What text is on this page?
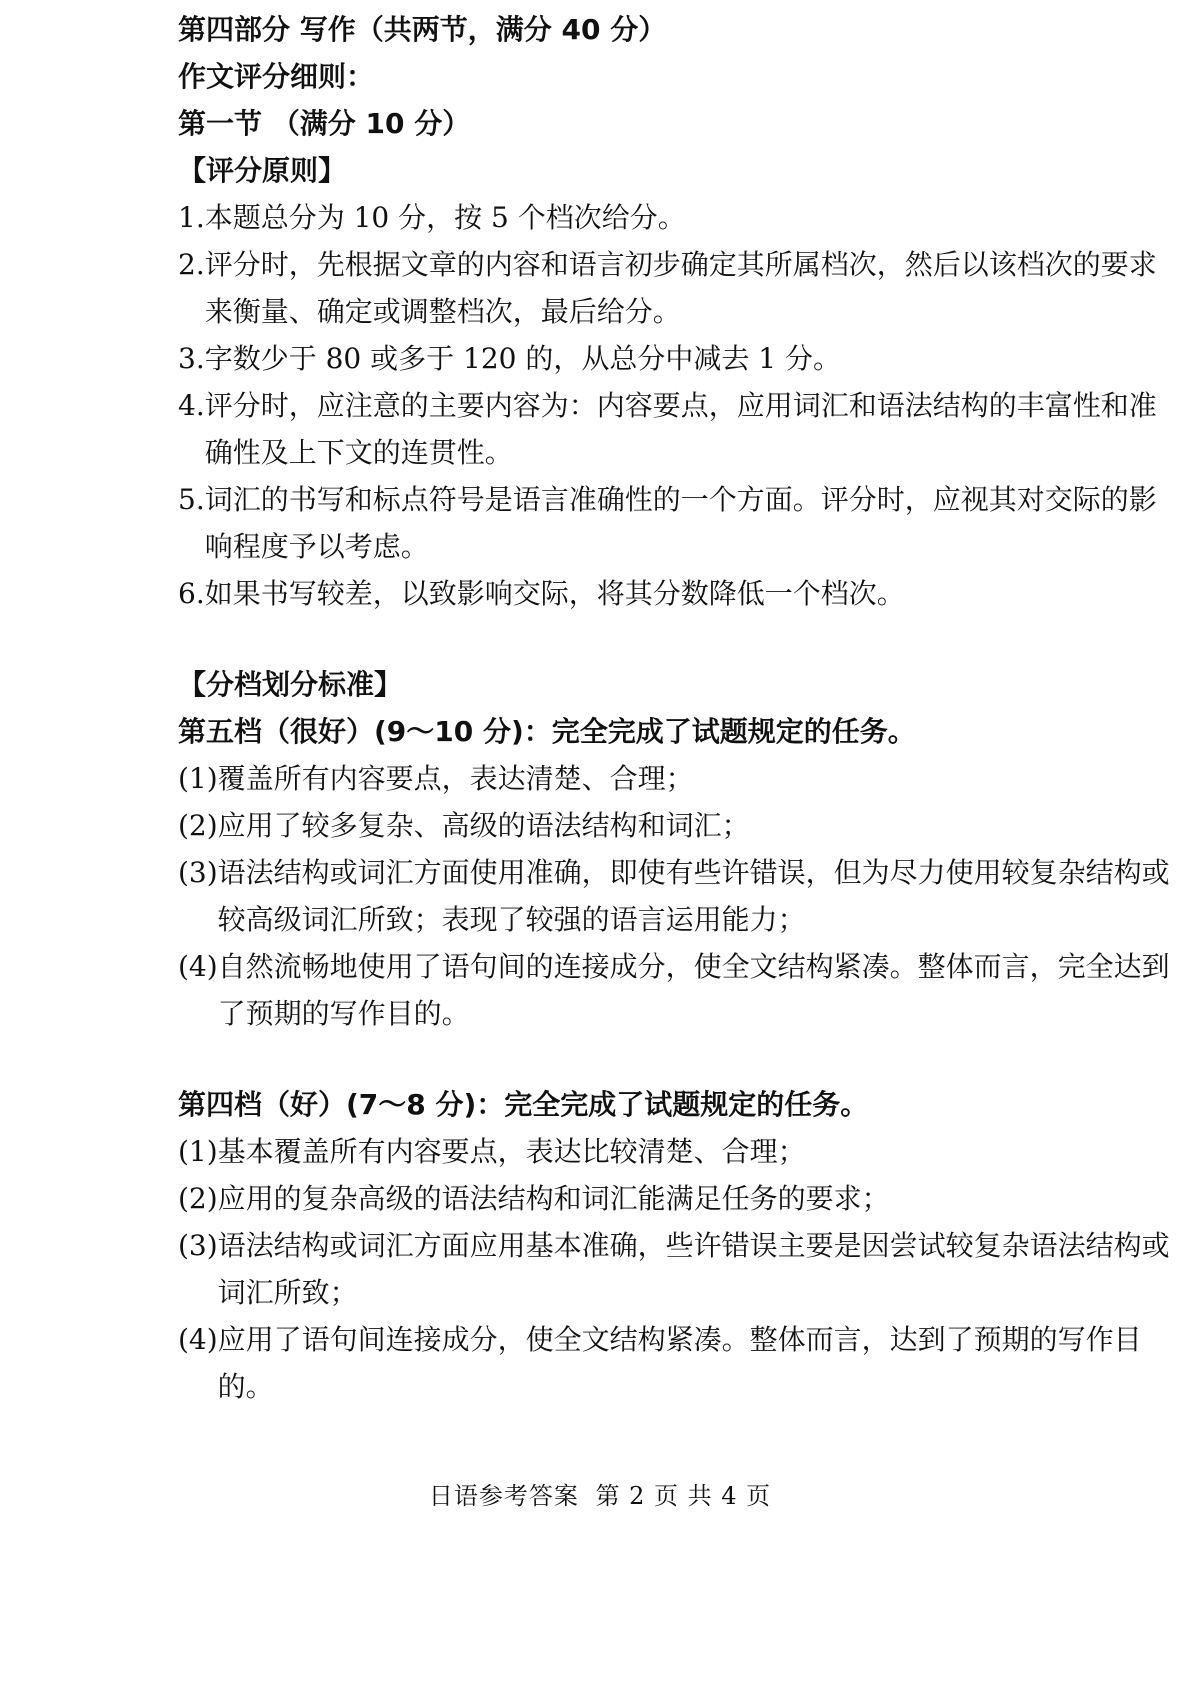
第四部分 写作（共两节，满分 40 分）
作文评分细则：
第一节 （满分 10 分）
【评分原则】
1. 本题总分为 10 分，按 5 个档次给分。
2. 评分时，先根据文章的内容和语言初步确定其所属档次，然后以该档次的要求来衡量、确定或调整档次，最后给分。
3. 字数少于 80 或多于 120 的，从总分中减去 1 分。
4. 评分时，应注意的主要内容为：内容要点，应用词汇和语法结构的丰富性和准确性及上下文的连贯性。
5. 词汇的书写和标点符号是语言准确性的一个方面。评分时，应视其对交际的影响程度予以考虑。
6. 如果书写较差，以致影响交际，将其分数降低一个档次。
【分档划分标准】
第五档（很好）(9～10 分)：完全完成了试题规定的任务。
(1) 覆盖所有内容要点，表达清楚、合理；
(2) 应用了较多复杂、高级的语法结构和词汇；
(3) 语法结构或词汇方面使用准确，即使有些许错误，但为尽力使用较复杂结构或较高级词汇所致；表现了较强的语言运用能力；
(4) 自然流畅地使用了语句间的连接成分，使全文结构紧凑。整体而言，完全达到了预期的写作目的。
第四档（好）(7～8 分)：完全完成了试题规定的任务。
(1) 基本覆盖所有内容要点，表达比较清楚、合理；
(2) 应用的复杂高级的语法结构和词汇能满足任务的要求；
(3) 语法结构或词汇方面应用基本准确，些许错误主要是因尝试较复杂语法结构或词汇所致；
(4) 应用了语句间连接成分，使全文结构紧凑。整体而言，达到了预期的写作目的。
日语参考答案 第 2 页 共 4 页
